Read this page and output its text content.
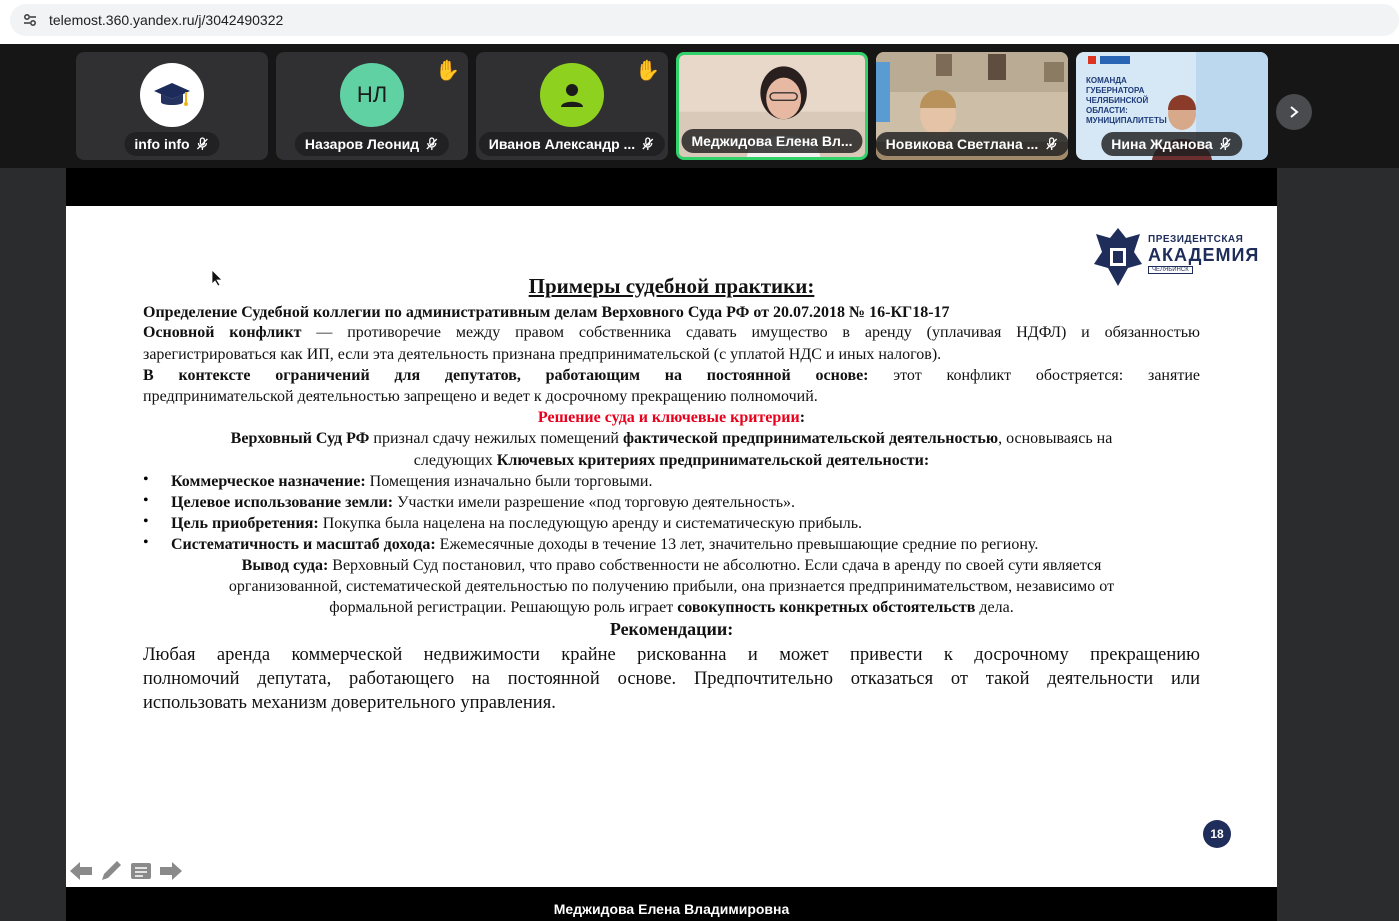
telemost.360.yandex.ru/j/3042490322
info info
НЛ
✋
Назаров Леонид
✋
Иванов Александр ...	Меджидова Елена Вл...	Новикова Светлана ...
КОМАНДА ГУБЕРНАТОРА ЧЕЛЯБИНСКОЙ ОБЛАСТИ: МУНИЦИПАЛИТЕТЫ
Нина Жданова
ПРЕЗИДЕНТСКАЯ
АКАДЕМИЯ
ЧЕЛЯБИНСК
Примеры судебной практики:
Определение Судебной коллегии по административным делам Верховного Суда РФ от 20.07.2018 № 16-КГ18-17
Основной конфликт — противоречие между правом собственника сдавать имущество в аренду (уплачивая НДФЛ) и обязанностью
зарегистрироваться как ИП, если эта деятельность признана предпринимательской (с уплатой НДС и иных налогов).
В контексте ограничений для депутатов, работающим на постоянной основе: этот конфликт обостряется: занятие
предпринимательской деятельностью запрещено и ведет к досрочному прекращению полномочий.
Решение суда и ключевые критерии:
Верховный Суд РФ признал сдачу нежилых помещений фактической предпринимательской деятельностью, основываясь на
следующих Ключевых критериях предпринимательской деятельности:
• Коммерческое назначение: Помещения изначально были торговыми.
• Целевое использование земли: Участки имели разрешение «под торговую деятельность».
• Цель приобретения: Покупка была нацелена на последующую аренду и систематическую прибыль.
• Систематичность и масштаб дохода: Ежемесячные доходы в течение 13 лет, значительно превышающие средние по региону.
Вывод суда: Верховный Суд постановил, что право собственности не абсолютно. Если сдача в аренду по своей сути является
организованной, систематической деятельностью по получению прибыли, она признается предпринимательством, независимо от
формальной регистрации. Решающую роль играет совокупность конкретных обстоятельств дела.
Рекомендации:
Любая аренда коммерческой недвижимости крайне рискованна и может привести к досрочному прекращению
полномочий депутата, работающего на постоянной основе. Предпочтительно отказаться от такой деятельности или
использовать механизм доверительного управления.
18
Меджидова Елена Владимировна
